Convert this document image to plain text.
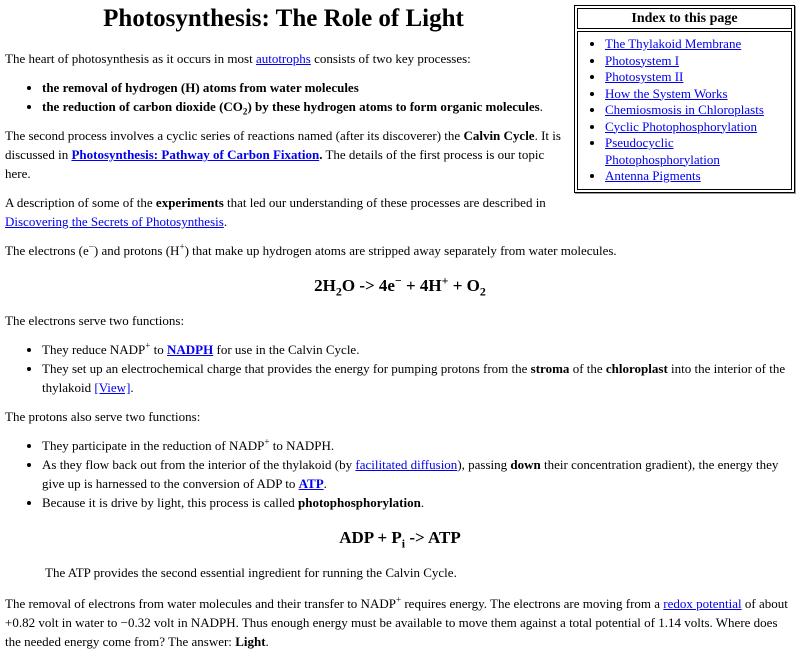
Index to this page

• The Thylakoid Membrane
• Photosystem I
• Photosystem II
• How the System Works
• Chemiosmosis in Chloroplasts
• Cyclic Photophosphorylation
• Pseudocyclic Photophosphorylation
• Antenna Pigments
Photosynthesis: The Role of Light

The heart of photosynthesis as it occurs in most autotrophs consists of two key processes:

• the removal of hydrogen (H) atoms from water molecules
• the reduction of carbon dioxide $(CO_2)$ by these hydrogen atoms to form organic molecules.

The second process involves a cyclic series of reactions named (after its discoverer) the Calvin Cycle. It is discussed in Photosynthesis: Pathway of Carbon Fixation. The details of the first process is our topic here.

A description of some of the experiments that led our understanding of these processes are described in Discovering the Secrets of Photosynthesis.

The electrons (e−) and protons (H+) that make up hydrogen atoms are stripped away separately from water molecules.

$2H_2O -> 4e^- + 4H^+ + O_2$

The electrons serve two functions:

• They reduce NADP+ to NADPH for use in the Calvin Cycle.
• They set up an electrochemical charge that provides the energy for pumping protons from the stroma of the chloroplast into the interior of the thylakoid [View].

The protons also serve two functions:

• They participate in the reduction of NADP+ to NADPH.
• As they flow back out from the interior of the thylakoid (by facilitated diffusion), passing down their concentration gradient), the energy they give up is harnessed to the conversion of ADP to ATP.
• Because it is drive by light, this process is called photophosphorylation.
ADP + $P_i$ -> ATP
The ATP provides the second essential ingredient for running the Calvin Cycle.

The removal of electrons from water molecules and their transfer to NADP+ requires energy. The electrons are moving from a redox potential of about +0.82 volt in water to −0.32 volt in NADPH. Thus enough energy must be available to move them against a total potential of 1.14 volts. Where does the needed energy come from? The answer: Light.
